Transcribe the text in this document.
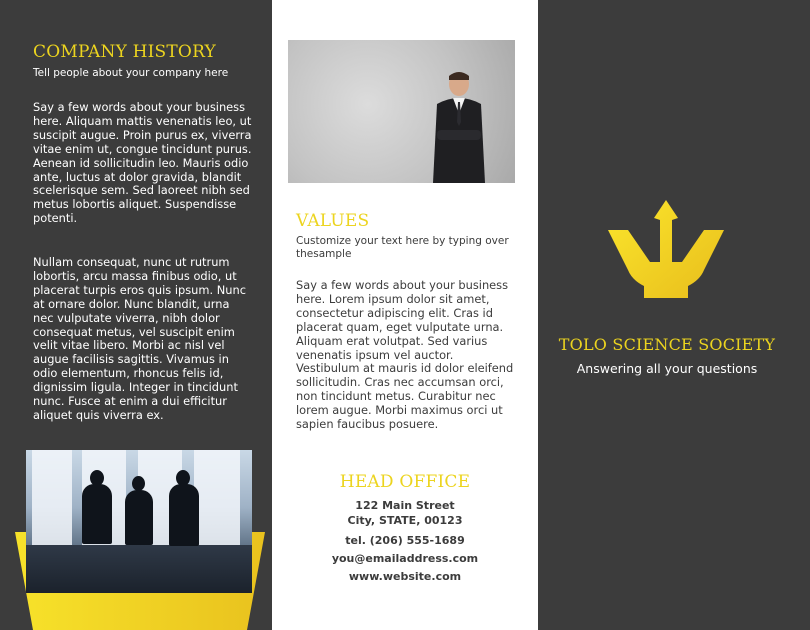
COMPANY HISTORY
Tell people about your company here
Say a few words about your business here. Aliquam mattis venenatis leo, ut suscipit augue. Proin purus ex, viverra vitae enim ut, congue tincidunt purus. Aenean id sollicitudin leo. Mauris odio ante, luctus at dolor gravida, blandit scelerisque sem. Sed laoreet nibh sed metus lobortis aliquet. Suspendisse potenti.
Nullam consequat, nunc ut rutrum lobortis, arcu massa finibus odio, ut placerat turpis eros quis ipsum. Nunc at ornare dolor. Nunc blandit, urna nec vulputate viverra, nibh dolor consequat metus, vel suscipit enim velit vitae libero. Morbi ac nisl vel augue facilisis sagittis. Vivamus in odio elementum, rhoncus felis id, dignissim ligula. Integer in tincidunt nunc. Fusce at enim a dui efficitur aliquet quis viverra ex.
VALUES
Customize your text here by typing over thesample
Say a few words about your business here. Lorem ipsum dolor sit amet, consectetur adipiscing elit. Cras id placerat quam, eget vulputate urna. Aliquam erat volutpat. Sed varius venenatis ipsum vel auctor. Vestibulum at mauris id dolor eleifend sollicitudin. Cras nec accumsan orci, non tincidunt metus. Curabitur nec lorem augue. Morbi maximus orci ut sapien faucibus posuere.
HEAD OFFICE
122 Main Street
City, STATE, 00123
tel. (206) 555-1689
you@emailaddress.com
www.website.com
TOLO SCIENCE SOCIETY
Answering all your questions
